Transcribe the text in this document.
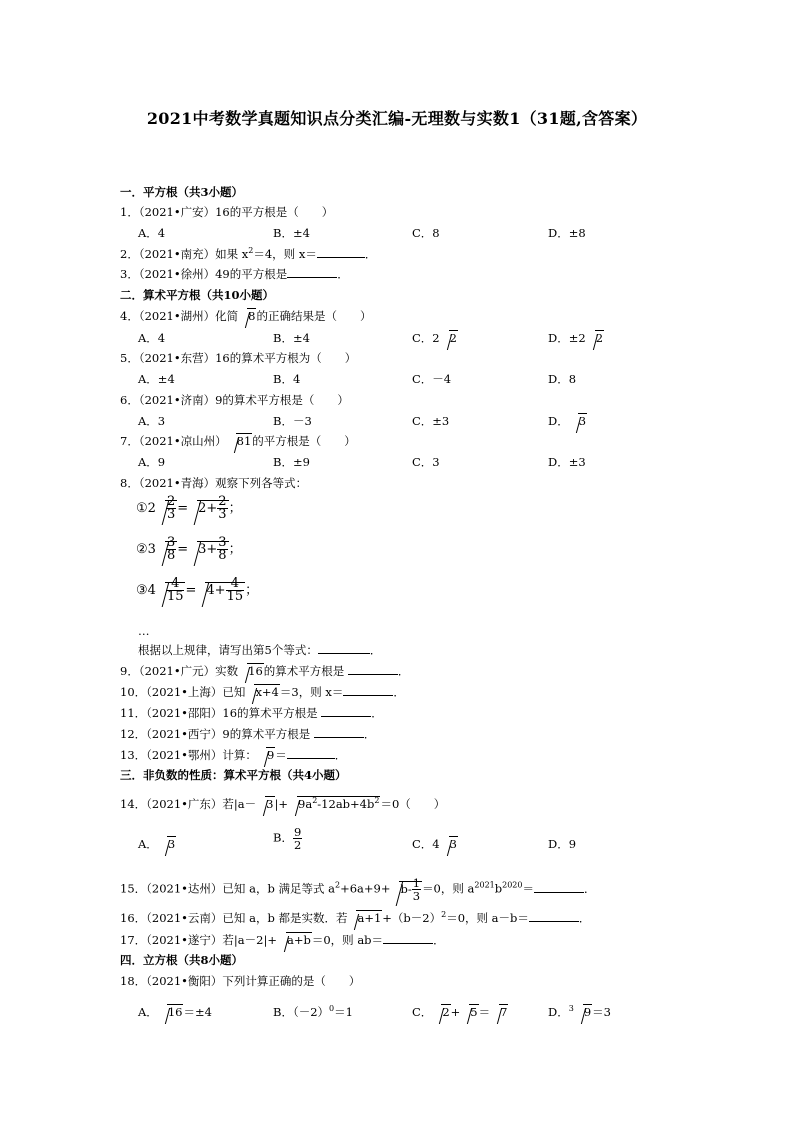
2021中考数学真题知识点分类汇编-无理数与实数1（31题,含答案）
一．平方根（共3小题）
1．（2021•广安）16的平方根是（　　）
A．4	B．±4	C．8	D．±8
2．（2021•南充）如果 $x^2=4$，则 x＝	．
3．（2021•徐州）49的平方根是	．
二．算术平方根（共10小题）
4．（2021•湖州）化简 8的正确结果是（　　）
A．4	B．±4	C．2 2	D．±2 2
5．（2021•东营）16的算术平方根为（　　）
A．±4	B．4	C．－4	D．8
6．（2021•济南）9的算术平方根是（　　）
A．3	B．－3	C．±3	D． 3
7．（2021•凉山州） 81的平方根是（　　）
A．9	B．±9	C．3	D．±3
8．（2021•青海）观察下列各等式：
①2 $\frac{2}{3} = 2+ \frac{2}{3}$ ；
②3 $\frac{3}{8} = 3+ \frac{3}{8}$ ；
③4 $\frac{4}{15} = 4+ \frac{4}{15}$ ；
…
根据以上规律，请写出第5个等式：	．
9．（2021•广元）实数 16的算术平方根是	．
10．（2021•上海）已知 x+4＝3，则 x＝	．
11．（2021•邵阳）16的算术平方根是	．
12．（2021•西宁）9的算术平方根是	．
13．（2021•鄂州）计算： 9＝	．
三．非负数的性质：算术平方根（共4小题）
14．（2021•广东）若$|a- 3|+ 9a^2-12ab+4b^2=0$（　　）
A． 3	B． $\frac{9}{2}$	C．4 3	D．9
15．（2021•达州）已知 a，b 满足等式 $a^2+6a+9+ b- \frac{1}{3} =0$，则 $a^{2021}b^{2020}=$	．
16．（2021•云南）已知 a，b 都是实数．若 $a+1+(b-2)^2=0$，则 a－b＝	．
17．（2021•遂宁）若|a－2|+ a+b＝0，则 ab＝	．
四．立方根（共8小题）
18．（2021•衡阳）下列计算正确的是（　　）
A． 16＝±4	B．$(-2)^0=1$	C． 2+ 5＝ 7	D．$^3$ 9＝3
